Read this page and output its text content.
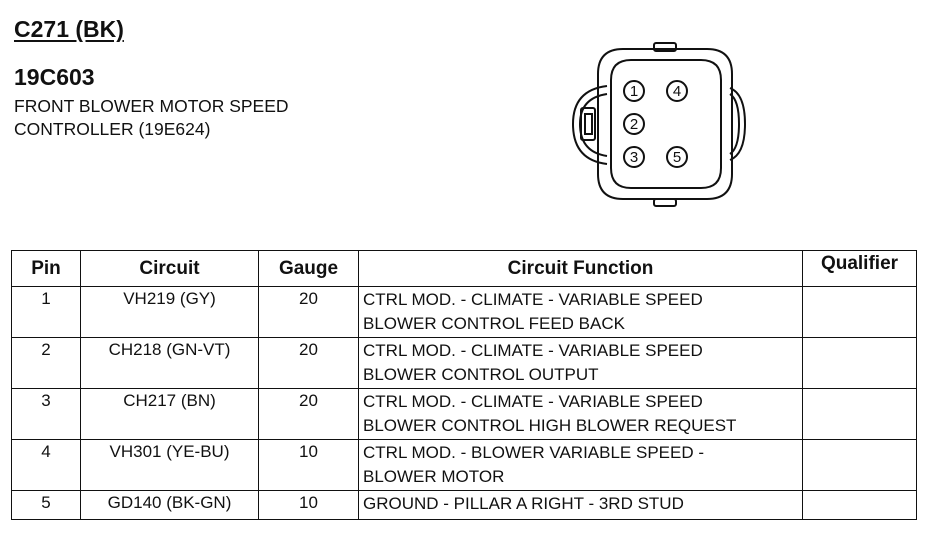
C271 (BK)
19C603
FRONT BLOWER MOTOR SPEED
CONTROLLER (19E624)
1
2
3
4
5
Pin	Circuit	Gauge	Circuit Function	Qualifier
1	VH219 (GY)	20	CTRL MOD. - CLIMATE - VARIABLE SPEED
BLOWER CONTROL FEED BACK	

2	CH218 (GN-VT)	20	CTRL MOD. - CLIMATE - VARIABLE SPEED
BLOWER CONTROL OUTPUT	

3	CH217 (BN)	20	CTRL MOD. - CLIMATE - VARIABLE SPEED
BLOWER CONTROL HIGH BLOWER REQUEST	

4	VH301 (YE-BU)	10	CTRL MOD. - BLOWER VARIABLE SPEED -
BLOWER MOTOR	

5	GD140 (BK-GN)	10	GROUND - PILLAR A RIGHT - 3RD STUD	
